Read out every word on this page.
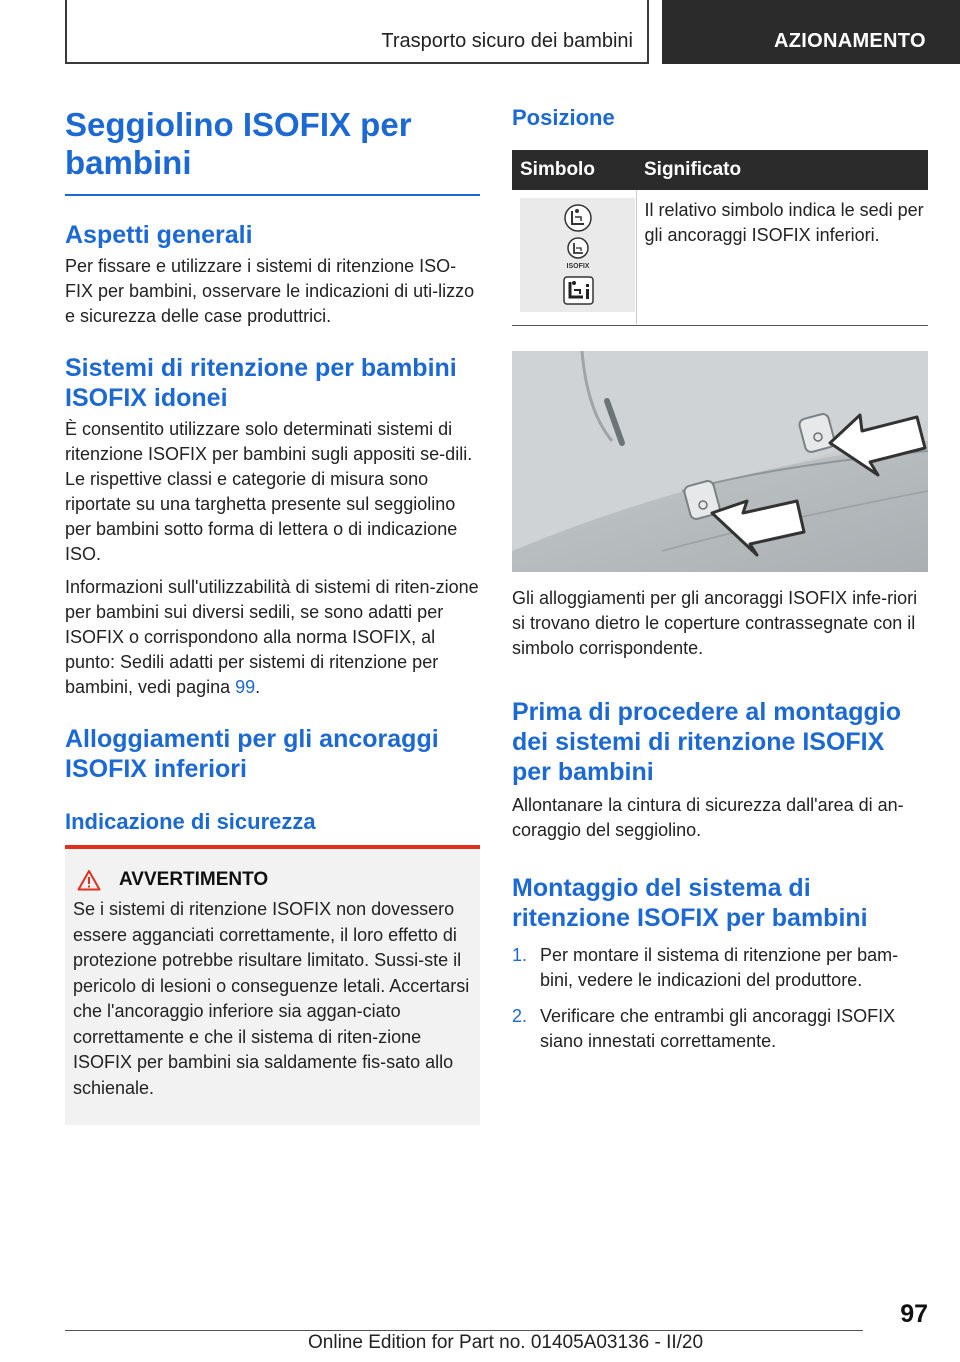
Trasporto sicuro dei bambini	AZIONAMENTO
Seggiolino ISOFIX per bambini
Aspetti generali

Per fissare e utilizzare i sistemi di ritenzione ISO-FIX per bambini, osservare le indicazioni di uti-lizzo e sicurezza delle case produttrici.

Sistemi di ritenzione per bambini ISOFIX idonei

È consentito utilizzare solo determinati sistemi di ritenzione ISOFIX per bambini sugli appositi se-dili. Le rispettive classi e categorie di misura sono riportate su una targhetta presente sul seggiolino per bambini sotto forma di lettera o di indicazione ISO.

Informazioni sull'utilizzabilità di sistemi di riten-zione per bambini sui diversi sedili, se sono adatti per ISOFIX o corrispondono alla norma ISOFIX, al punto: Sedili adatti per sistemi di ritenzione per bambini, vedi pagina 99.

Alloggiamenti per gli ancoraggi ISOFIX inferiori
Indicazione di sicurezza
AVVERTIMENTO

Se i sistemi di ritenzione ISOFIX non dovessero essere agganciati correttamente, il loro effetto di protezione potrebbe risultare limitato. Sussi-ste il pericolo di lesioni o conseguenze letali. Accertarsi che l'ancoraggio inferiore sia aggan-ciato correttamente e che il sistema di riten-zione ISOFIX per bambini sia saldamente fis-sato allo schienale.

Posizione
Simbolo	Significato

ISOFIX	Il relativo simbolo indica le sedi per gli ancoraggi ISOFIX inferiori.

Gli alloggiamenti per gli ancoraggi ISOFIX infe-riori si trovano dietro le coperture contrassegnate con il simbolo corrispondente.

Prima di procedere al montaggio dei sistemi di ritenzione ISOFIX per bambini

Allontanare la cintura di sicurezza dall'area di an-coraggio del seggiolino.

Montaggio del sistema di ritenzione ISOFIX per bambini
1. Per montare il sistema di ritenzione per bam-bini, vedere le indicazioni del produttore.
2. Verificare che entrambi gli ancoraggi ISOFIX siano innestati correttamente.
97
Online Edition for Part no. 01405A03136 - II/20
